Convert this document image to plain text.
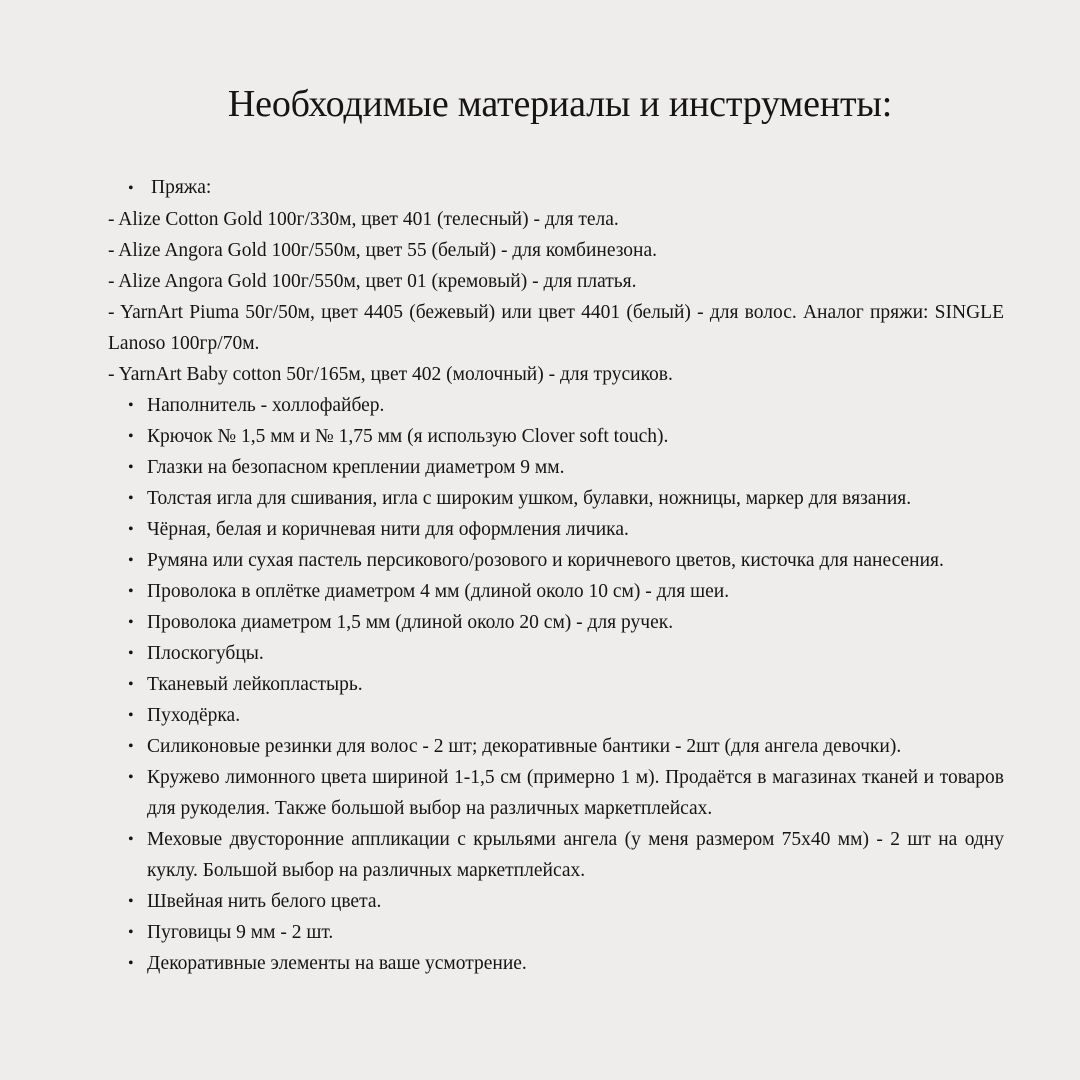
Необходимые материалы и инструменты:
• Пряжа:
- Alize Cotton Gold 100г/330м, цвет 401 (телесный) - для тела.
- Alize Angora Gold 100г/550м, цвет 55 (белый) - для комбинезона.
- Alize Angora Gold 100г/550м, цвет 01 (кремовый) - для платья.
- YarnArt Piuma 50г/50м, цвет 4405 (бежевый) или цвет 4401 (белый) - для волос. Аналог пряжи: SINGLE Lanoso 100гр/70м.
- YarnArt Baby cotton 50г/165м, цвет 402 (молочный) - для трусиков.
• Наполнитель - холлофайбер.
• Крючок № 1,5 мм и № 1,75 мм (я использую Clover soft touch).
• Глазки на безопасном креплении диаметром 9 мм.
• Толстая игла для сшивания, игла с широким ушком, булавки, ножницы, маркер для вязания.
• Чёрная, белая и коричневая нити для оформления личика.
• Румяна или сухая пастель персикового/розового и коричневого цветов, кисточка для нанесения.
• Проволока в оплётке диаметром 4 мм (длиной около 10 см) - для шеи.
• Проволока диаметром 1,5 мм (длиной около 20 см) - для ручек.
• Плоскогубцы.
• Тканевый лейкопластырь.
• Пуходёрка.
• Силиконовые резинки для волос - 2 шт; декоративные бантики - 2шт (для ангела девочки).
• Кружево лимонного цвета шириной 1-1,5 см (примерно 1 м). Продаётся в магазинах тканей и товаров для рукоделия. Также большой выбор на различных маркетплейсах.
• Меховые двусторонние аппликации с крыльями ангела (у меня размером 75х40 мм) - 2 шт на одну куклу. Большой выбор на различных маркетплейсах.
• Швейная нить белого цвета.
• Пуговицы 9 мм - 2 шт.
• Декоративные элементы на ваше усмотрение.
